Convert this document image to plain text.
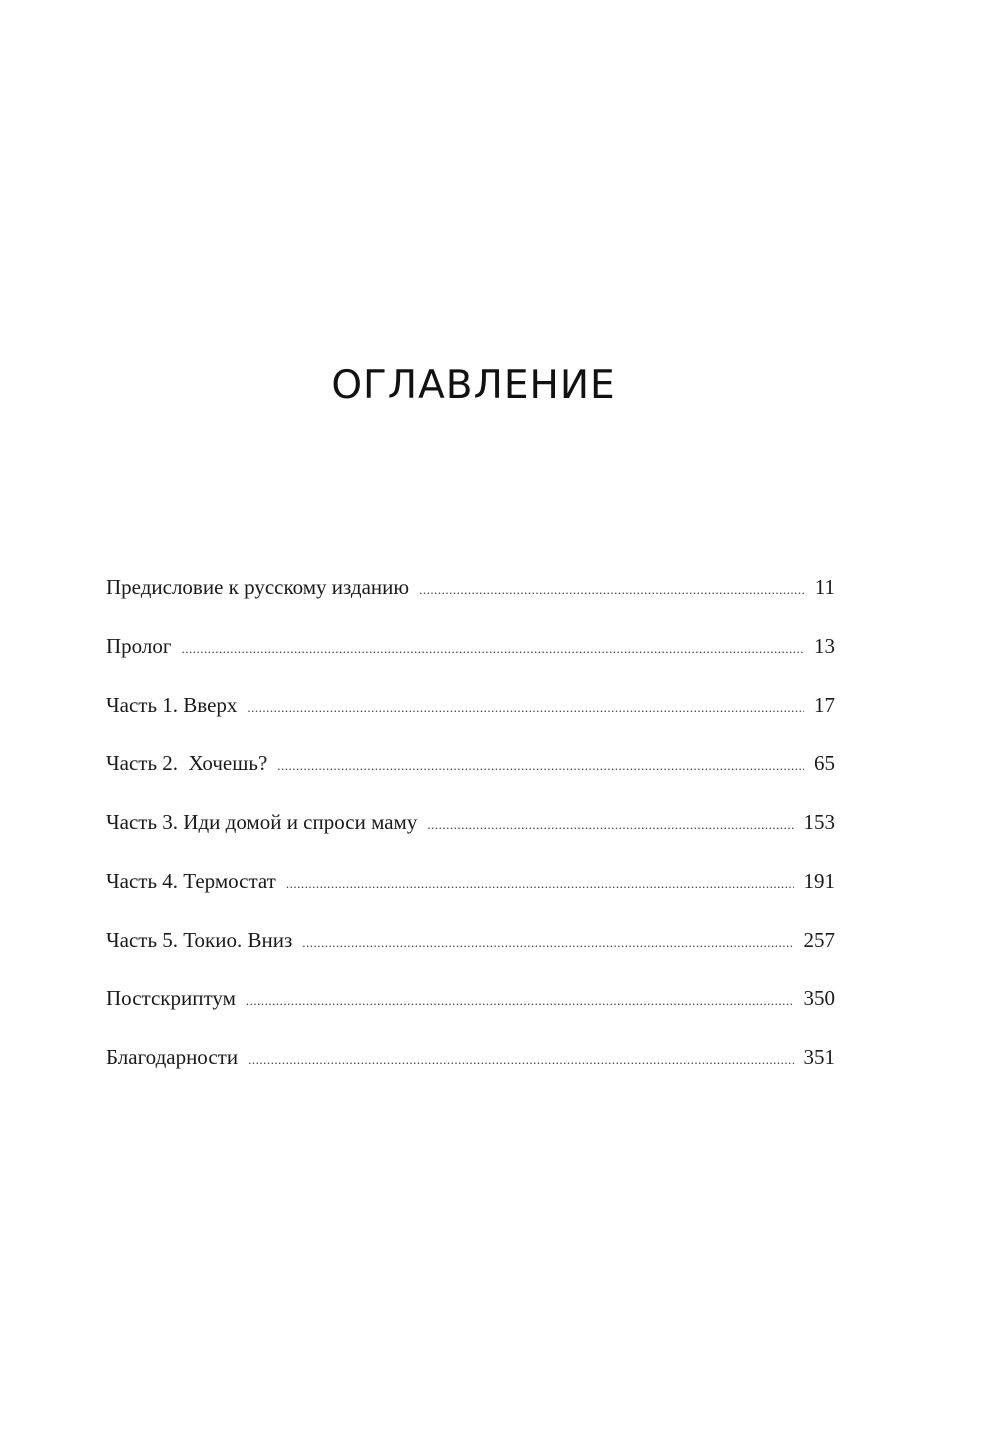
ОГЛАВЛЕНИЕ
Предисловие к русскому изданию .....	11
Пролог .....	13
Часть 1. Вверх .....	17
Часть 2.  Хочешь? .....	65
Часть 3. Иди домой и спроси маму .....	153
Часть 4. Термостат .....	191
Часть 5. Токио. Вниз .....	257
Постскриптум .....	350
Благодарности .....	351
